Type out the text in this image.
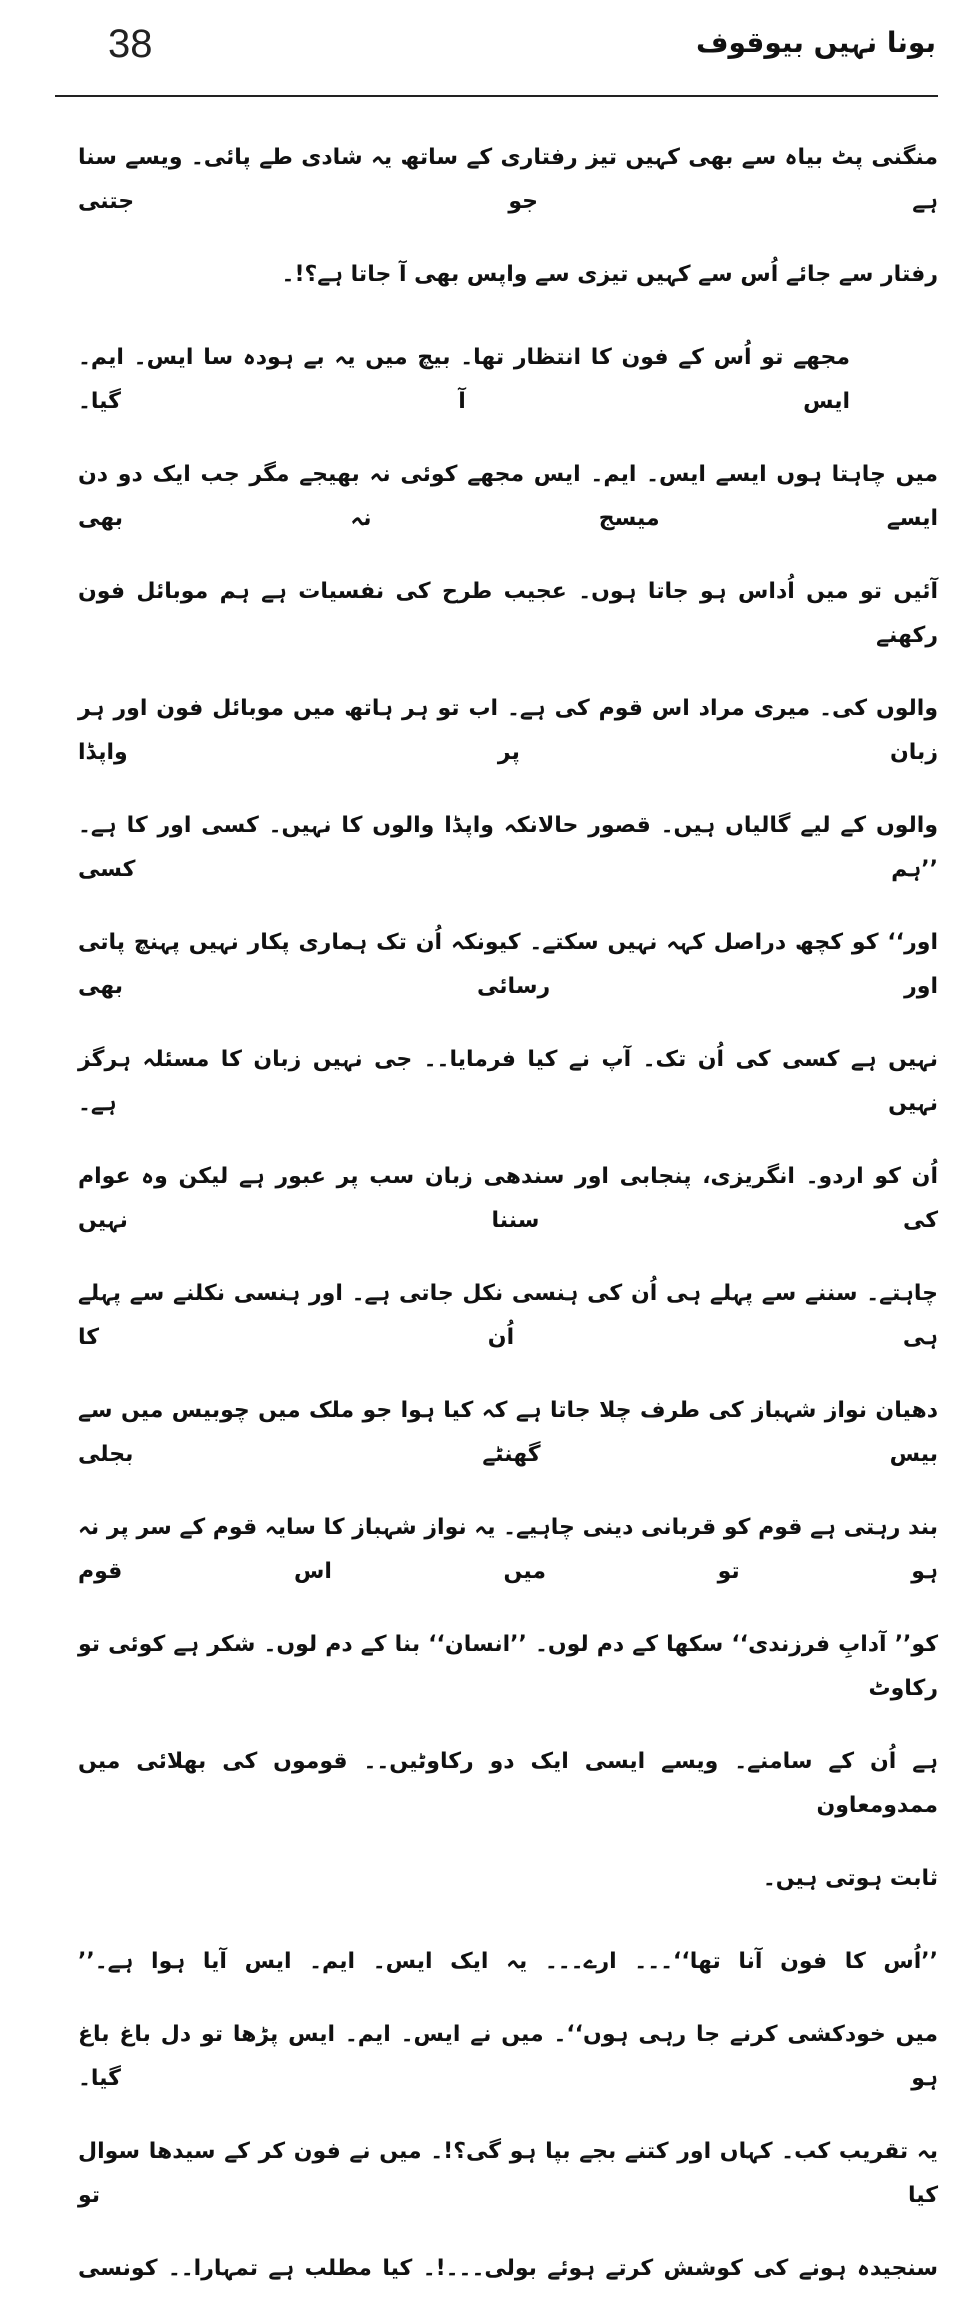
38	بونا نہیں بیوقوف
منگنی پٹ بیاہ سے بھی کہیں تیز رفتاری کے ساتھ یہ شادی طے پائی۔ ویسے سنا ہے جو جتنی
رفتار سے جائے اُس سے کہیں تیزی سے واپس بھی آ جاتا ہے؟!۔
مجھے تو اُس کے فون کا انتظار تھا۔ بیچ میں یہ بے ہودہ سا ایس۔ ایم۔ ایس آ گیا۔
میں چاہتا ہوں ایسے ایس۔ ایم۔ ایس مجھے کوئی نہ بھیجے مگر جب ایک دو دن ایسے میسج نہ بھی
آئیں تو میں اُداس ہو جاتا ہوں۔ عجیب طرح کی نفسیات ہے ہم موبائل فون رکھنے
والوں کی۔ میری مراد اس قوم کی ہے۔ اب تو ہر ہاتھ میں موبائل فون اور ہر زبان پر واپڈا
والوں کے لیے گالیاں ہیں۔ قصور حالانکہ واپڈا والوں کا نہیں۔ کسی اور کا ہے۔ ’’ہم کسی
اور‘‘ کو کچھ دراصل کہہ نہیں سکتے۔ کیونکہ اُن تک ہماری پکار نہیں پہنچ پاتی اور رسائی بھی
نہیں ہے کسی کی اُن تک۔ آپ نے کیا فرمایا۔۔ جی نہیں زبان کا مسئلہ ہرگز نہیں ہے۔
اُن کو اردو۔ انگریزی، پنجابی اور سندھی زبان سب پر عبور ہے لیکن وہ عوام کی سننا نہیں
چاہتے۔ سننے سے پہلے ہی اُن کی ہنسی نکل جاتی ہے۔ اور ہنسی نکلنے سے پہلے ہی اُن کا
دھیان نواز شہباز کی طرف چلا جاتا ہے کہ کیا ہوا جو ملک میں چوبیس میں سے بیس گھنٹے بجلی
بند رہتی ہے قوم کو قربانی دینی چاہیے۔ یہ نواز شہباز کا سایہ قوم کے سر پر نہ ہو تو میں اس قوم
کو’’ آدابِ فرزندی‘‘ سکھا کے دم لوں۔ ’’انسان‘‘ بنا کے دم لوں۔ شکر ہے کوئی تو رکاوٹ
ہے اُن کے سامنے۔ ویسے ایسی ایک دو رکاوٹیں۔۔ قوموں کی بھلائی میں ممدومعاون
ثابت ہوتی ہیں۔
’’اُس کا فون آنا تھا‘‘۔۔۔ ارے۔۔۔ یہ ایک ایس۔ ایم۔ ایس آیا ہوا ہے۔’’
میں خودکشی کرنے جا رہی ہوں‘‘۔ میں نے ایس۔ ایم۔ ایس پڑھا تو دل باغ باغ ہو گیا۔
یہ تقریب کب۔ کہاں اور کتنے بجے بپا ہو گی؟!۔ میں نے فون کر کے سیدھا سوال کیا تو
سنجیدہ ہونے کی کوشش کرتے ہوئے بولی۔۔۔!۔ کیا مطلب ہے تمہارا۔۔ کونسی
